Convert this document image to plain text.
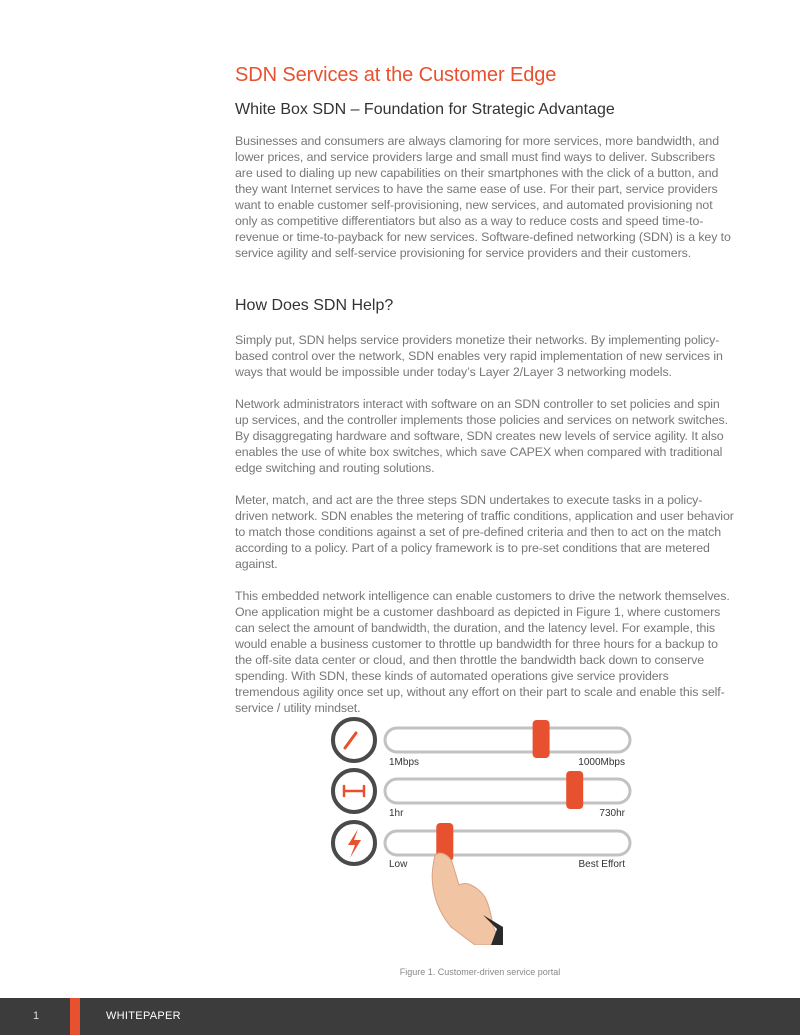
SDN Services at the Customer Edge
White Box SDN – Foundation for Strategic Advantage

Businesses and consumers are always clamoring for more services, more bandwidth, and lower prices, and service providers large and small must find ways to deliver. Subscribers are used to dialing up new capabilities on their smartphones with the click of a button, and they want Internet services to have the same ease of use. For their part, service providers want to enable customer self-provisioning, new services, and automated provisioning not only as competitive differentiators but also as a way to reduce costs and speed time-to-revenue or time-to-payback for new services. Software-defined networking (SDN) is a key to service agility and self-service provisioning for service providers and their customers.

How Does SDN Help?

Simply put, SDN helps service providers monetize their networks. By implementing policy-based control over the network, SDN enables very rapid implementation of new services in ways that would be impossible under today’s Layer 2/Layer 3 networking models.

Network administrators interact with software on an SDN controller to set policies and spin up services, and the controller implements those policies and services on network switches. By disaggregating hardware and software, SDN creates new levels of service agility. It also enables the use of white box switches, which save CAPEX when compared with traditional edge switching and routing solutions.

Meter, match, and act are the three steps SDN undertakes to execute tasks in a policy-driven network. SDN enables the metering of traffic conditions, application and user behavior to match those conditions against a set of pre-defined criteria and then to act on the match according to a policy. Part of a policy framework is to pre-set conditions that are metered against.

This embedded network intelligence can enable customers to drive the network themselves. One application might be a customer dashboard as depicted in Figure 1, where customers can select the amount of bandwidth, the duration, and the latency level. For example, this would enable a business customer to throttle up bandwidth for three hours for a backup to the off-site data center or cloud, and then throttle the bandwidth back down to conserve spending. With SDN, these kinds of automated operations give service providers tremendous agility once set up, without any effort on their part to scale and enable this self-service / utility mindset.

1Mbps	1000Mbps
1hr	730hr
Low	Best Effort
Figure 1. Customer-driven service portal
1	WHITEPAPER
